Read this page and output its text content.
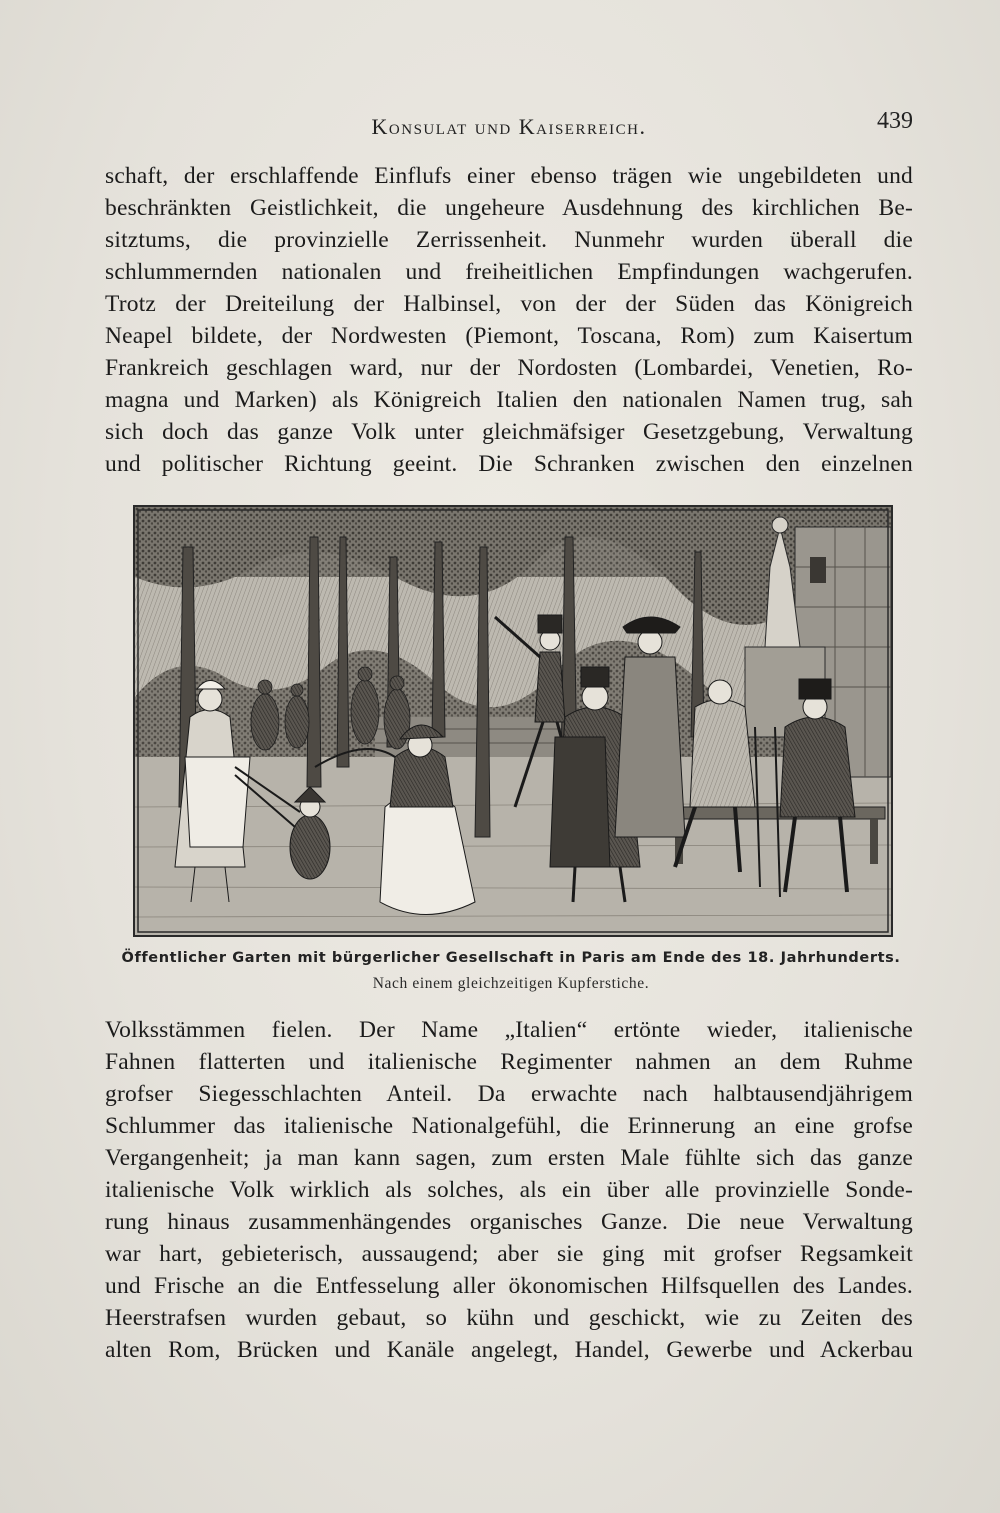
Konsulat und Kaiserreich.	439
schaft, der erschlaffende Einflufs einer ebenso trägen wie ungebildeten und
beschränkten Geistlichkeit, die ungeheure Ausdehnung des kirchlichen Be-
sitztums, die provinzielle Zerrissenheit. Nunmehr wurden überall die
schlummernden nationalen und freiheitlichen Empfindungen wachgerufen.
Trotz der Dreiteilung der Halbinsel, von der der Süden das Königreich
Neapel bildete, der Nordwesten (Piemont, Toscana, Rom) zum Kaisertum
Frankreich geschlagen ward, nur der Nordosten (Lombardei, Venetien, Ro-
magna und Marken) als Königreich Italien den nationalen Namen trug, sah
sich doch das ganze Volk unter gleichmäfsiger Gesetzgebung, Verwaltung
und politischer Richtung geeint. Die Schranken zwischen den einzelnen
Öffentlicher Garten mit bürgerlicher Gesellschaft in Paris am Ende des 18. Jahrhunderts.
Nach einem gleichzeitigen Kupferstiche.
Volksstämmen fielen. Der Name „Italien“ ertönte wieder, italienische
Fahnen flatterten und italienische Regimenter nahmen an dem Ruhme
grofser Siegesschlachten Anteil. Da erwachte nach halbtausendjährigem
Schlummer das italienische Nationalgefühl, die Erinnerung an eine grofse
Vergangenheit; ja man kann sagen, zum ersten Male fühlte sich das ganze
italienische Volk wirklich als solches, als ein über alle provinzielle Sonde-
rung hinaus zusammenhängendes organisches Ganze. Die neue Verwaltung
war hart, gebieterisch, aussaugend; aber sie ging mit grofser Regsamkeit
und Frische an die Entfesselung aller ökonomischen Hilfsquellen des Landes.
Heerstrafsen wurden gebaut, so kühn und geschickt, wie zu Zeiten des
alten Rom, Brücken und Kanäle angelegt, Handel, Gewerbe und Ackerbau
